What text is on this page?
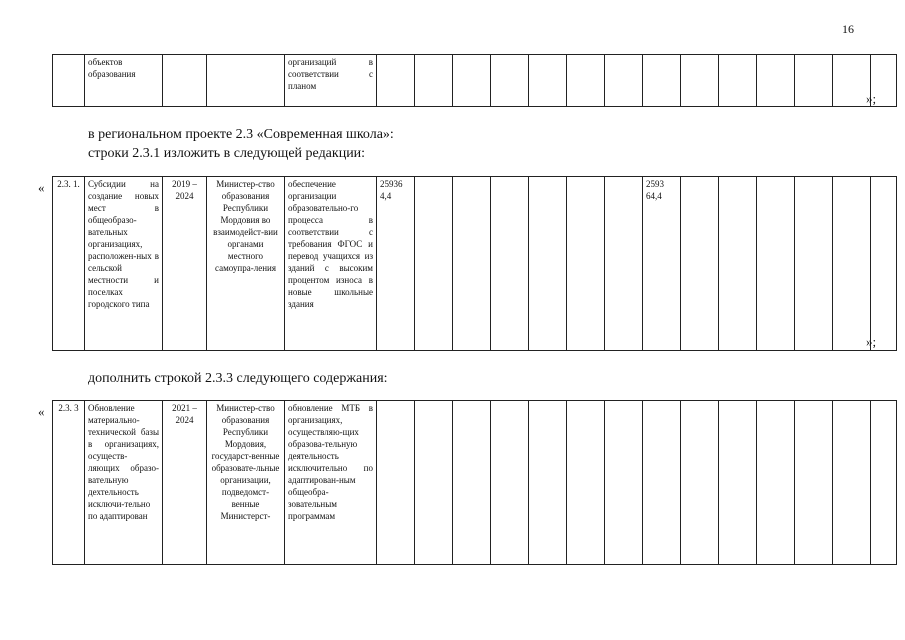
16
	объектов образования			организаций в соответствии с планом														
»;
в региональном проекте 2.3 «Современная школа»:
строки 2.3.1 изложить в следующей редакции:
« 2.3. 1.	Субсидии на создание новых мест в общеобразо-вательных организациях, расположен-ных в сельской местности и поселках городского типа	2019 – 2024	Министер-ство образования Республики Мордовия во взаимодейст-вии органами местного самоупра-ления	обеспечение организации образовательно-го процесса в соответствии с требования ФГОС и перевод учащихся из зданий с высоким процентом износа в новые школьные здания	25936 4,4							2593 64,4						
»;
дополнить строкой 2.3.3 следующего содержания:
« 2.3. 3	Обновление материально-технической базы в организациях, осуществ-ляющих образо-вательную дехтельность исключи-тельно по адаптирован	2021 – 2024	Министер-ство образования Республики Мордовия, государст-венные образовате-льные организации, подведомст-венные Министерст-	обновление МТБ в организациях, осуществляю-щих образова-тельную деятельность исключительно по адаптирован-ным общеобра-зовательным программам														
